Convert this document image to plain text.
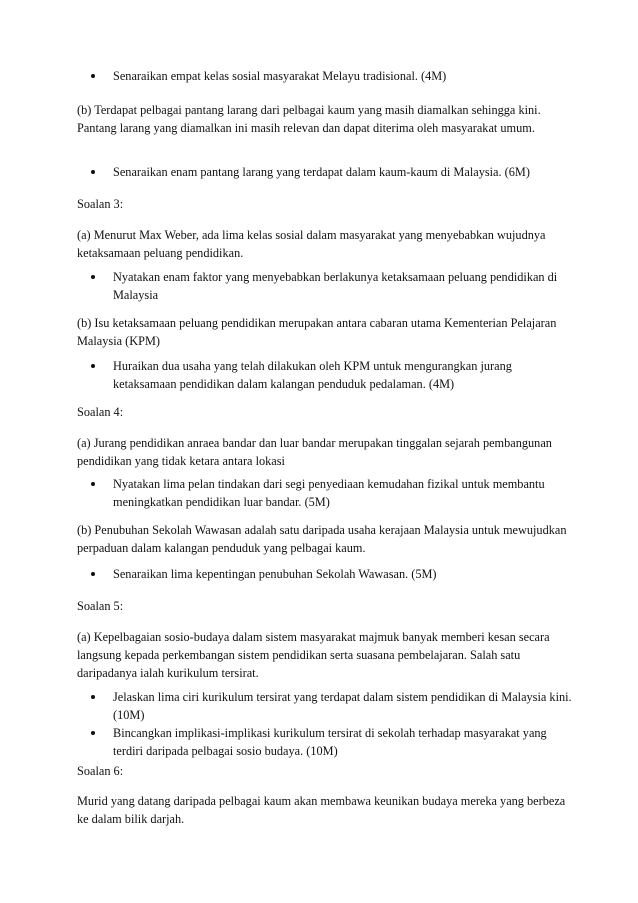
Senaraikan empat kelas sosial masyarakat Melayu tradisional. (4M)
(b) Terdapat pelbagai pantang larang dari pelbagai kaum yang masih diamalkan sehingga kini. Pantang larang yang diamalkan ini masih relevan dan dapat diterima oleh masyarakat umum.
Senaraikan enam pantang larang yang terdapat dalam kaum-kaum di Malaysia. (6M)
Soalan 3:
(a) Menurut Max Weber, ada lima kelas sosial dalam masyarakat yang menyebabkan wujudnya ketaksamaan peluang pendidikan.
Nyatakan enam faktor yang menyebabkan berlakunya ketaksamaan peluang pendidikan di Malaysia
(b) Isu ketaksamaan peluang pendidikan merupakan antara cabaran utama Kementerian Pelajaran Malaysia (KPM)
Huraikan dua usaha yang telah dilakukan oleh KPM untuk mengurangkan jurang ketaksamaan pendidikan dalam kalangan penduduk pedalaman. (4M)
Soalan 4:
(a) Jurang pendidikan anraea bandar dan luar bandar merupakan tinggalan sejarah pembangunan pendidikan yang tidak ketara antara lokasi
Nyatakan lima pelan tindakan dari segi penyediaan kemudahan fizikal untuk membantu meningkatkan pendidikan luar bandar. (5M)
(b) Penubuhan Sekolah Wawasan adalah satu daripada usaha kerajaan Malaysia untuk mewujudkan perpaduan dalam kalangan penduduk yang pelbagai kaum.
Senaraikan lima kepentingan penubuhan Sekolah Wawasan. (5M)
Soalan 5:
(a) Kepelbagaian sosio-budaya dalam sistem masyarakat majmuk banyak memberi kesan secara langsung kepada perkembangan sistem pendidikan serta suasana pembelajaran. Salah satu daripadanya ialah kurikulum tersirat.
Jelaskan lima ciri kurikulum tersirat yang terdapat dalam sistem pendidikan di Malaysia kini. (10M)
Bincangkan implikasi-implikasi kurikulum tersirat di sekolah terhadap masyarakat yang terdiri daripada pelbagai sosio budaya. (10M)
Soalan 6:
Murid yang datang daripada pelbagai kaum akan membawa keunikan budaya mereka yang berbeza ke dalam bilik darjah.
